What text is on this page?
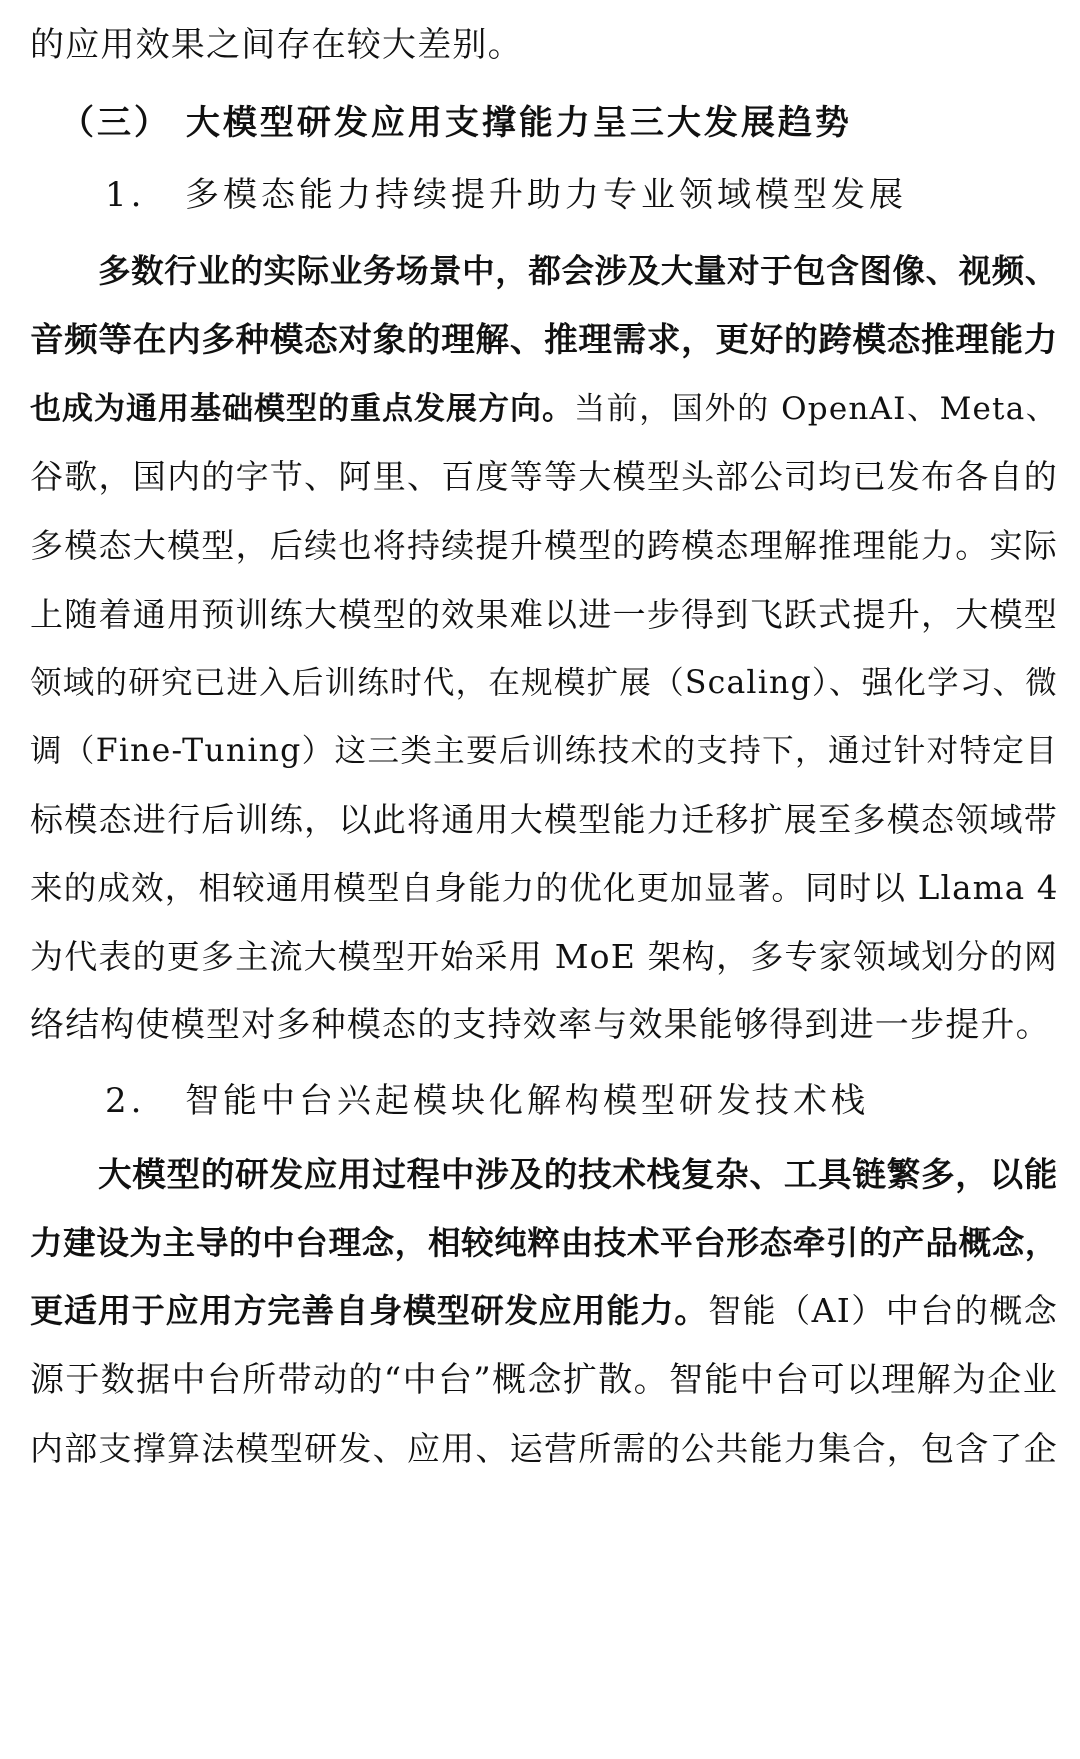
的应用效果之间存在较大差别。
（三） 大模型研发应用支撑能力呈三大发展趋势
1. 多模态能力持续提升助力专业领域模型发展
多数行业的实际业务场景中，都会涉及大量对于包含图像、视频、
音频等在内多种模态对象的理解、推理需求，更好的跨模态推理能力
也成为通用基础模型的重点发展方向。当前，国外的 OpenAI、Meta、
谷歌，国内的字节、阿里、百度等等大模型头部公司均已发布各自的
多模态大模型，后续也将持续提升模型的跨模态理解推理能力。实际
上随着通用预训练大模型的效果难以进一步得到飞跃式提升，大模型
领域的研究已进入后训练时代，在规模扩展（Scaling）、强化学习、微
调（Fine-Tuning）这三类主要后训练技术的支持下，通过针对特定目
标模态进行后训练，以此将通用大模型能力迁移扩展至多模态领域带
来的成效，相较通用模型自身能力的优化更加显著。同时以 Llama 4
为代表的更多主流大模型开始采用 MoE 架构，多专家领域划分的网
络结构使模型对多种模态的支持效率与效果能够得到进一步提升。
2. 智能中台兴起模块化解构模型研发技术栈
大模型的研发应用过程中涉及的技术栈复杂、工具链繁多，以能
力建设为主导的中台理念，相较纯粹由技术平台形态牵引的产品概念，
更适用于应用方完善自身模型研发应用能力。智能（AI）中台的概念
源于数据中台所带动的“中台”概念扩散。智能中台可以理解为企业
内部支撑算法模型研发、应用、运营所需的公共能力集合，包含了企
